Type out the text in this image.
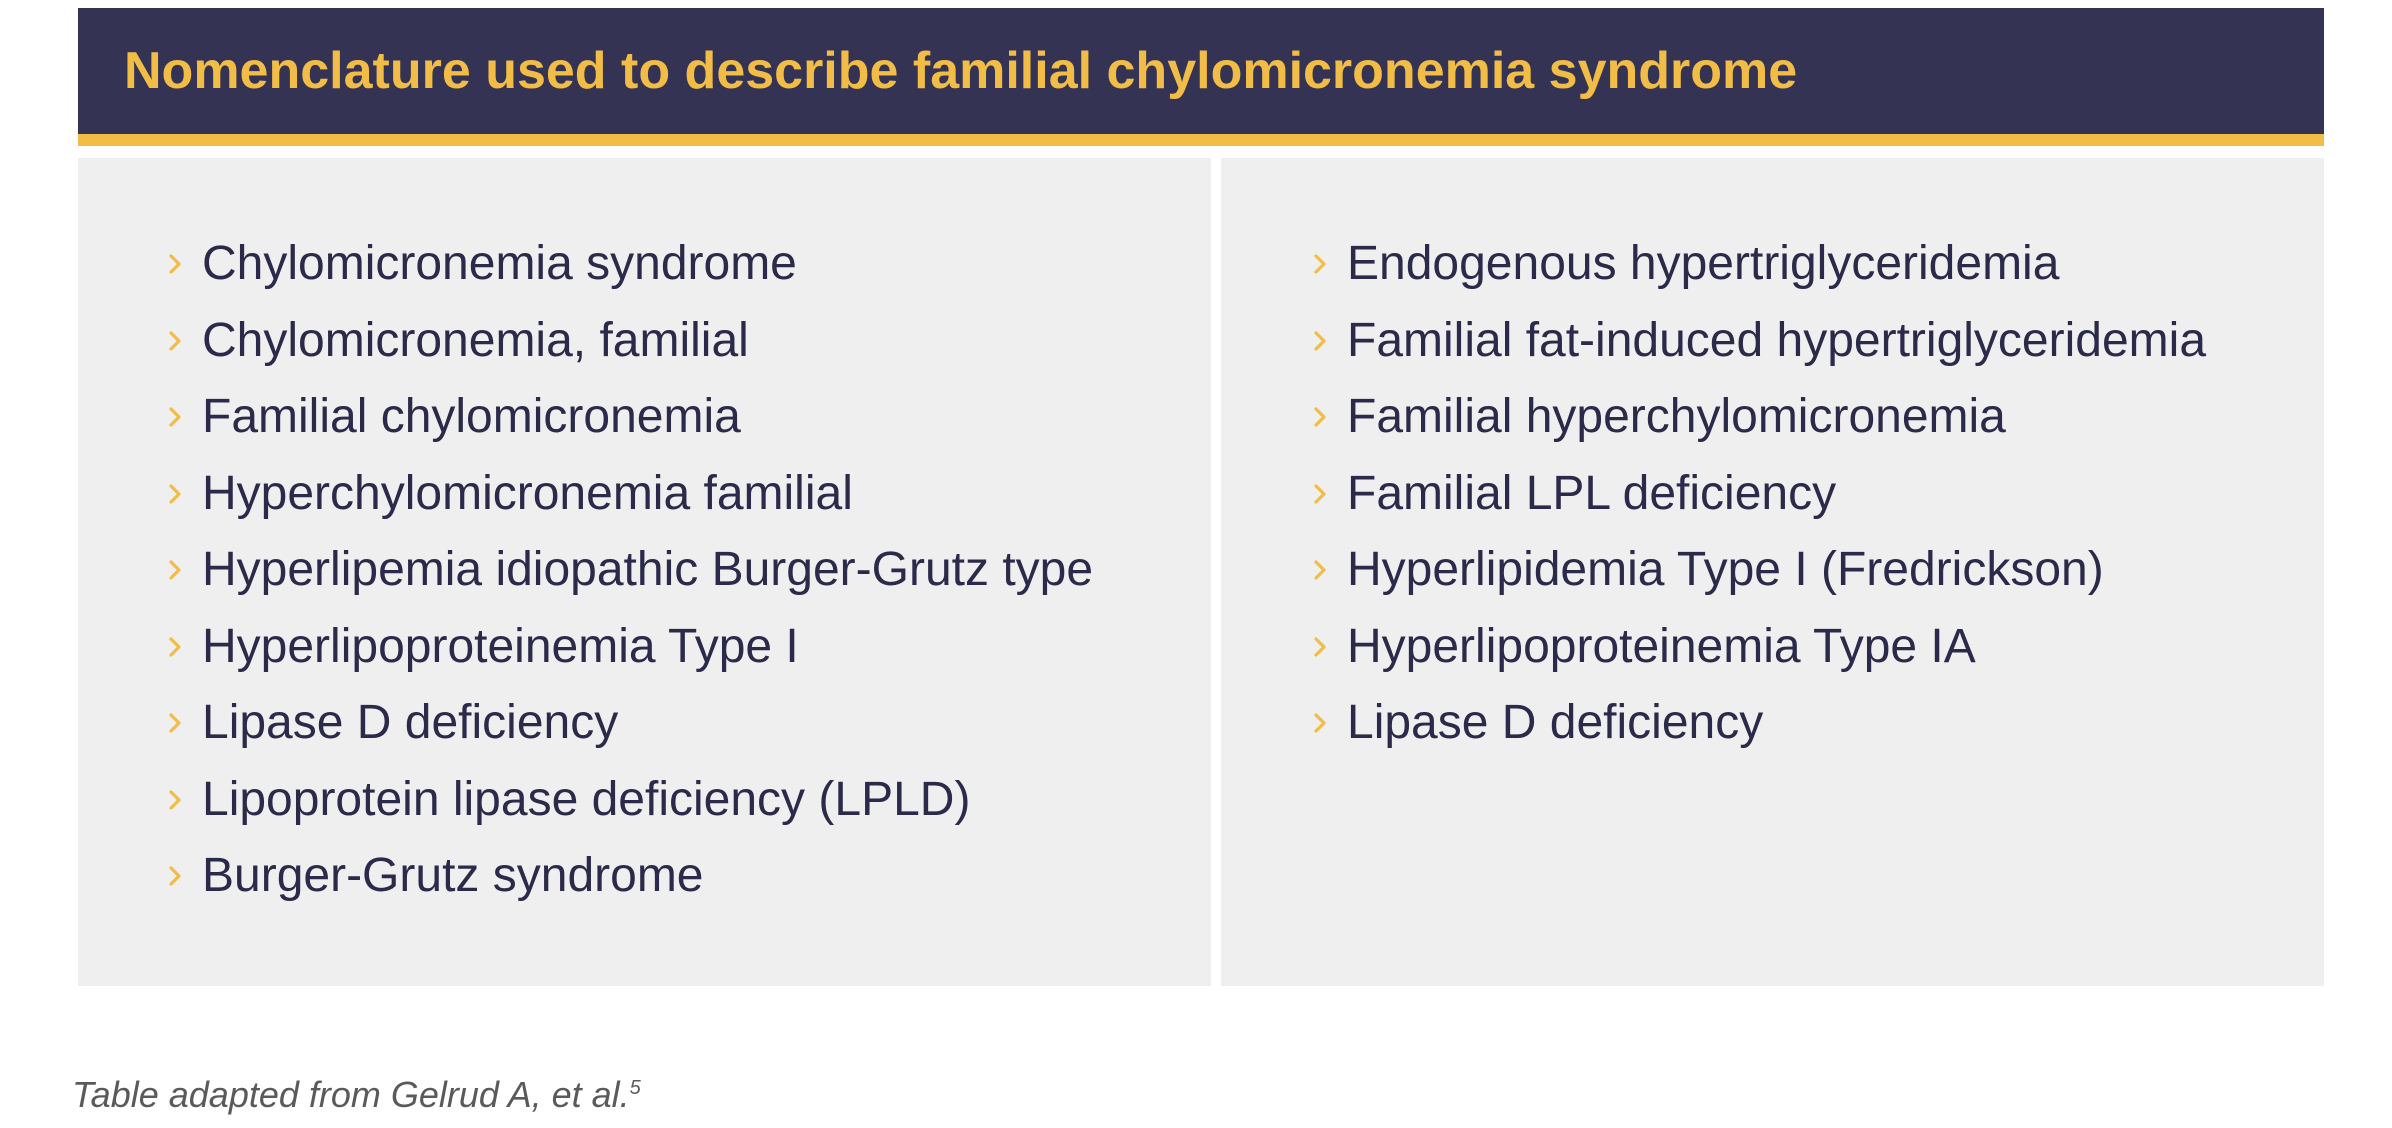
Nomenclature used to describe familial chylomicronemia syndrome
Chylomicronemia syndrome
Chylomicronemia, familial
Familial chylomicronemia
Hyperchylomicronemia familial
Hyperlipemia idiopathic Burger-Grutz type
Hyperlipoproteinemia Type I
Lipase D deficiency
Lipoprotein lipase deficiency (LPLD)
Burger-Grutz syndrome
Endogenous hypertriglyceridemia
Familial fat-induced hypertriglyceridemia
Familial hyperchylomicronemia
Familial LPL deficiency
Hyperlipidemia Type I (Fredrickson)
Hyperlipoproteinemia Type IA
Lipase D deficiency
Table adapted from Gelrud A, et al.$^5$
